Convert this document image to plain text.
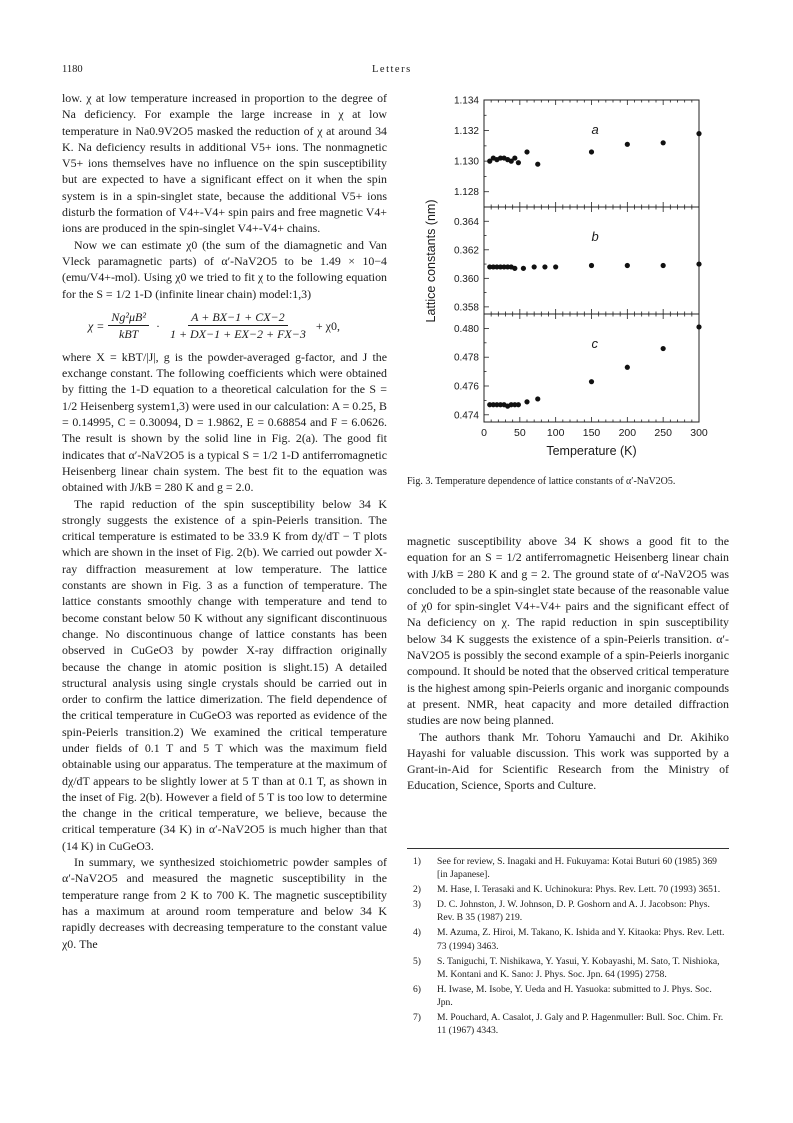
1180	Letters

low. χ at low temperature increased in proportion to the degree of Na deficiency. For example the large increase in χ at low temperature in Na0.9V2O5 masked the reduction of χ at around 34 K. Na deficiency results in additional V5+ ions. The nonmagnetic V5+ ions themselves have no influence on the spin susceptibility but are expected to have a significant effect on it when the spin system is in a spin-singlet state, because the additional V5+ ions disturb the formation of V4+-V4+ spin pairs and free magnetic V4+ ions are produced in the spin-singlet V4+-V4+ chains.

Now we can estimate χ0 (the sum of the diamagnetic and Van Vleck paramagnetic parts) of α′-NaV2O5 to be 1.49 × 10−4 (emu/V4+-mol). Using χ0 we tried to fit χ to the following equation for the S = 1/2 1-D (infinite linear chain) model:1,3)

$\chi = \frac{\text{Ng²μB²}}{\text{kBT}} \cdot \frac{A + BX-1 + CX-2}{1 + DX-1 + EX-2 + FX-3} + \chi 0$,

where X = kBT/|J|, g is the powder-averaged g-factor, and J the exchange constant. The following coefficients which were obtained by fitting the 1-D equation to a theoretical calculation for the S = 1/2 Heisenberg system1,3) were used in our calculation: A = 0.25, B = 0.14995, C = 0.30094, D = 1.9862, E = 0.68854 and F = 6.0626. The result is shown by the solid line in Fig. 2(a). The good fit indicates that α′-NaV2O5 is a typical S = 1/2 1-D antiferromagnetic Heisenberg linear chain system. The best fit to the equation was obtained with J/kB = 280 K and g = 2.0.

The rapid reduction of the spin susceptibility below 34 K strongly suggests the existence of a spin-Peierls transition. The critical temperature is estimated to be 33.9 K from dχ/dT − T plots which are shown in the inset of Fig. 2(b). We carried out powder X-ray diffraction measurement at low temperature. The lattice constants are shown in Fig. 3 as a function of temperature. The lattice constants smoothly change with temperature and tend to become constant below 50 K without any significant discontinuous change. No discontinuous change of lattice constants has been observed in CuGeO3 by powder X-ray diffraction originally because the change in atomic position is slight.15) A detailed structural analysis using single crystals should be carried out in order to confirm the lattice dimerization. The field dependence of the critical temperature in CuGeO3 was reported as evidence of the spin-Peierls transition.2) We examined the critical temperature under fields of 0.1 T and 5 T which was the maximum field obtainable using our apparatus. The temperature at the maximum of dχ/dT appears to be slightly lower at 5 T than at 0.1 T, as shown in the inset of Fig. 2(b). However a field of 5 T is too low to determine the change in the critical temperature, we believe, because the critical temperature (34 K) in α′-NaV2O5 is much higher than that (14 K) in CuGeO3.

In summary, we synthesized stoichiometric powder samples of α′-NaV2O5 and measured the magnetic susceptibility in the temperature range from 2 K to 700 K. The magnetic susceptibility has a maximum at around room temperature and below 34 K rapidly decreases with decreasing temperature to the constant value χ0. The

1.128
1.130
1.132
1.134
a
0.358
0.360
0.362
0.364
b
0.474
0.476
0.478
0.480
c
0	50 100 150 200 250 300
Temperature (K)
Lattice constants (nm)
Fig. 3. Temperature dependence of lattice constants of α′-NaV2O5.

magnetic susceptibility above 34 K shows a good fit to the equation for an S = 1/2 antiferromagnetic Heisenberg linear chain with J/kB = 280 K and g = 2. The ground state of α′-NaV2O5 was concluded to be a spin-singlet state because of the reasonable value of χ0 for spin-singlet V4+-V4+ pairs and the significant effect of Na deficiency on χ. The rapid reduction in spin susceptibility below 34 K suggests the existence of a spin-Peierls transition. α′-NaV2O5 is possibly the second example of a spin-Peierls inorganic compound. It should be noted that the observed critical temperature is the highest among spin-Peierls organic and inorganic compounds at present. NMR, heat capacity and more detailed diffraction studies are now being planned.

The authors thank Mr. Tohoru Yamauchi and Dr. Akihiko Hayashi for valuable discussion. This work was supported by a Grant-in-Aid for Scientific Research from the Ministry of Education, Science, Sports and Culture.

1) See for review, S. Inagaki and H. Fukuyama: Kotai Buturi 60 (1985) 369 [in Japanese].
2) M. Hase, I. Terasaki and K. Uchinokura: Phys. Rev. Lett. 70 (1993) 3651.
3) D. C. Johnston, J. W. Johnson, D. P. Goshorn and A. J. Jacobson: Phys. Rev. B 35 (1987) 219.
4) M. Azuma, Z. Hiroi, M. Takano, K. Ishida and Y. Kitaoka: Phys. Rev. Lett. 73 (1994) 3463.
5) S. Taniguchi, T. Nishikawa, Y. Yasui, Y. Kobayashi, M. Sato, T. Nishioka, M. Kontani and K. Sano: J. Phys. Soc. Jpn. 64 (1995) 2758.
6) H. Iwase, M. Isobe, Y. Ueda and H. Yasuoka: submitted to J. Phys. Soc. Jpn.
7) M. Pouchard, A. Casalot, J. Galy and P. Hagenmuller: Bull. Soc. Chim. Fr. 11 (1967) 4343.
